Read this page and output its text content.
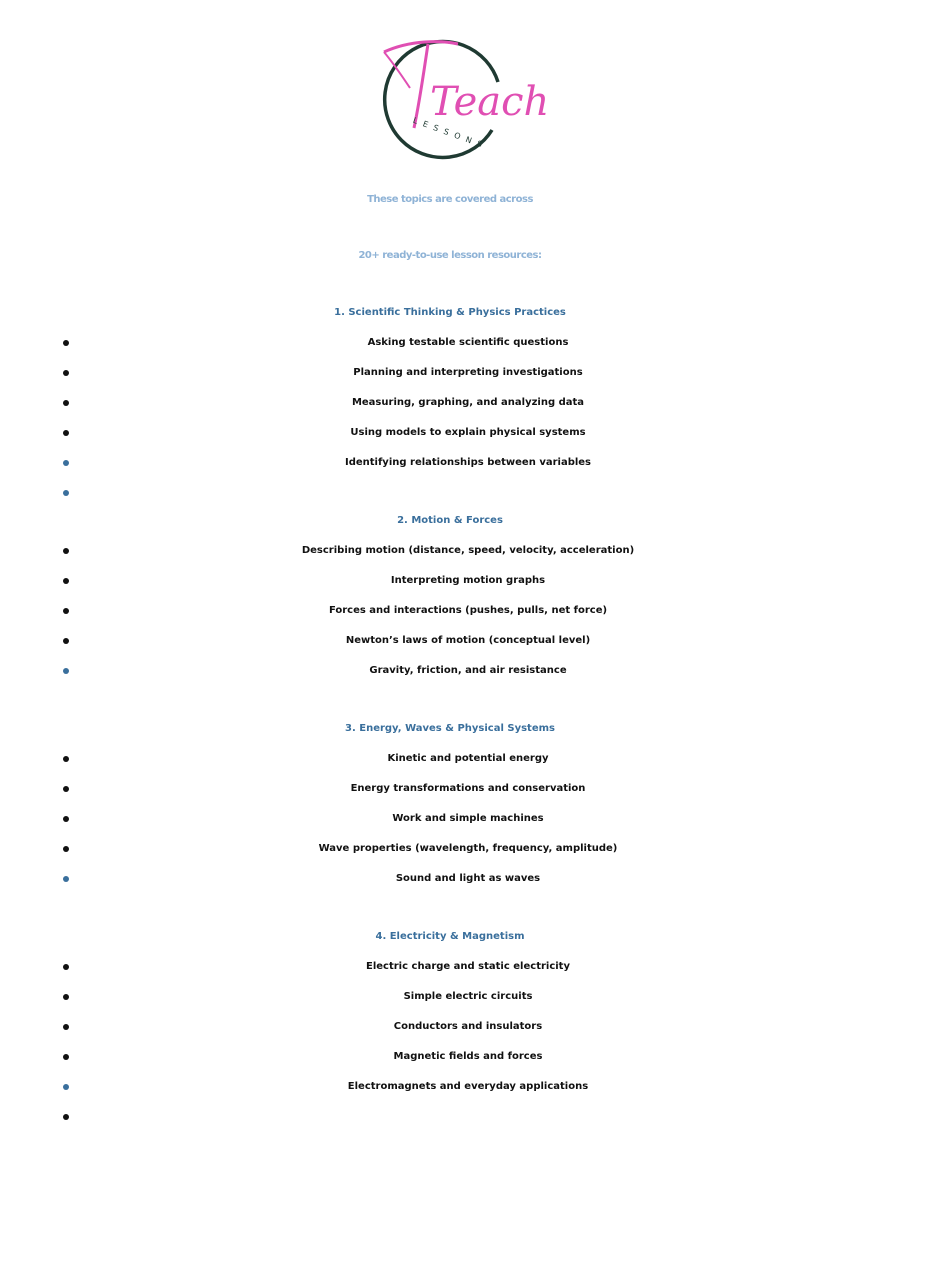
Teach
LESSONS
These topics are covered across
20+ ready-to-use lesson resources:
1. Scientific Thinking & Physics Practices
Asking testable scientific questions
Planning and interpreting investigations
Measuring, graphing, and analyzing data
Using models to explain physical systems
Identifying relationships between variables
2. Motion & Forces
Describing motion (distance, speed, velocity, acceleration)
Interpreting motion graphs
Forces and interactions (pushes, pulls, net force)
Newton’s laws of motion (conceptual level)
Gravity, friction, and air resistance
3. Energy, Waves & Physical Systems
Kinetic and potential energy
Energy transformations and conservation
Work and simple machines
Wave properties (wavelength, frequency, amplitude)
Sound and light as waves
4. Electricity & Magnetism
Electric charge and static electricity
Simple electric circuits
Conductors and insulators
Magnetic fields and forces
Electromagnets and everyday applications
